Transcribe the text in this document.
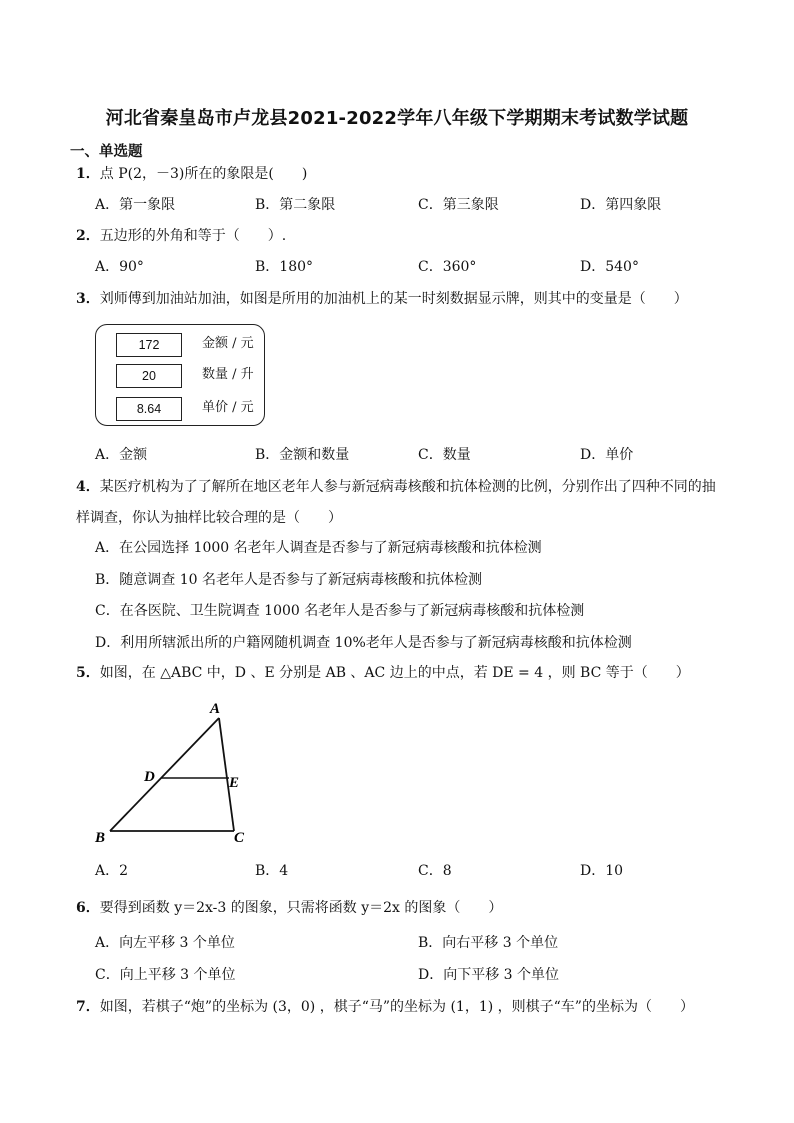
河北省秦皇岛市卢龙县2021-2022学年八年级下学期期末考试数学试题
一、单选题
1．点 P(2，－3)所在的象限是(　　)
A．第一象限	B．第二象限	C．第三象限	D．第四象限
2．五边形的外角和等于（　　）.
A．90°	B．180°	C．360°	D．540°
3．刘师傅到加油站加油，如图是所用的加油机上的某一时刻数据显示牌，则其中的变量是（　　）
172	金额 / 元
20	数量 / 升
8.64	单价 / 元
A．金额	B．金额和数量	C．数量	D．单价
4．某医疗机构为了了解所在地区老年人参与新冠病毒核酸和抗体检测的比例，分别作出了四种不同的抽
样调查，你认为抽样比较合理的是（　　）
A．在公园选择 1000 名老年人调查是否参与了新冠病毒核酸和抗体检测
B．随意调查 10 名老年人是否参与了新冠病毒核酸和抗体检测
C．在各医院、卫生院调查 1000 名老年人是否参与了新冠病毒核酸和抗体检测
D．利用所辖派出所的户籍网随机调查 10%老年人是否参与了新冠病毒核酸和抗体检测
5．如图，在 △ABC 中，D 、E 分别是 AB 、AC 边上的中点，若 DE = 4 ，则 BC 等于（　　）
A
D	E
B	C
A．2	B．4	C．8	D．10
6．要得到函数 y＝2x-3 的图象，只需将函数 y＝2x 的图象（　　）
A．向左平移 3 个单位	B．向右平移 3 个单位
C．向上平移 3 个单位	D．向下平移 3 个单位
7．如图，若棋子“炮”的坐标为 (3，0) ，棋子“马”的坐标为 (1，1) ，则棋子“车”的坐标为（　　）
